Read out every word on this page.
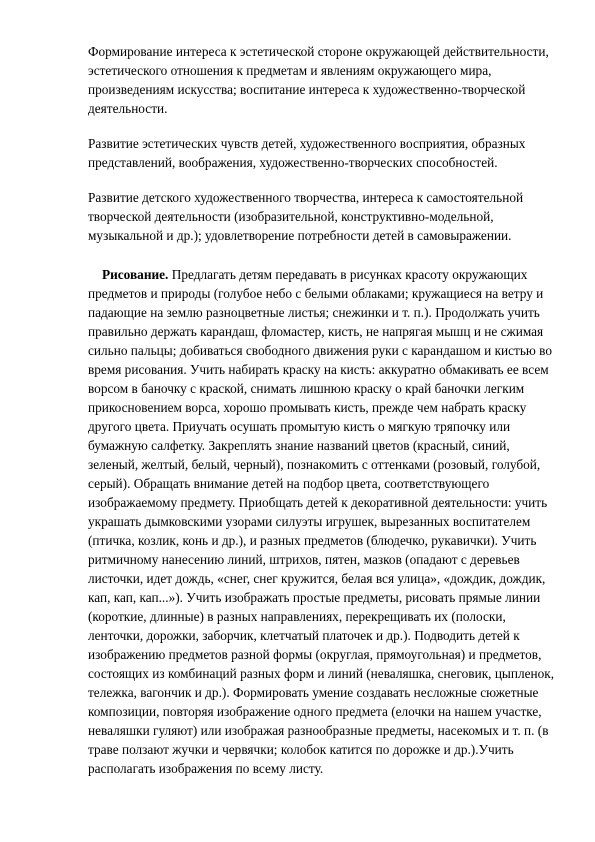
Формирование интереса к эстетической стороне окружающей действительности, эстетического отношения к предметам и явлениям окружающего мира, произведениям искусства; воспитание интереса к художественно-творческой деятельности.

Развитие эстетических чувств детей, художественного восприятия, образных представлений, воображения, художественно-творческих способностей.

Развитие детского художественного творчества, интереса к самостоятельной творческой деятельности (изобразительной, конструктивно-модельной, музыкальной и др.); удовлетворение потребности детей в самовыражении.

Рисование. Предлагать детям передавать в рисунках красоту окружающих предметов и природы (голубое небо с белыми облаками; кружащиеся на ветру и падающие на землю разноцветные листья; снежинки и т. п.). Продолжать учить правильно держать карандаш, фломастер, кисть, не напрягая мышц и не сжимая сильно пальцы; добиваться свободного движения руки с карандашом и кистью во время рисования. Учить набирать краску на кисть: аккуратно обмакивать ее всем ворсом в баночку с краской, снимать лишнюю краску о край баночки легким прикосновением ворса, хорошо промывать кисть, прежде чем набрать краску другого цвета. Приучать осушать промытую кисть о мягкую тряпочку или бумажную салфетку. Закреплять знание названий цветов (красный, синий, зеленый, желтый, белый, черный), познакомить с оттенками (розовый, голубой, серый). Обращать внимание детей на подбор цвета, соответствующего изображаемому предмету. Приобщать детей к декоративной деятельности: учить украшать дымковскими узорами силуэты игрушек, вырезанных воспитателем (птичка, козлик, конь и др.), и разных предметов (блюдечко, рукавички). Учить ритмичному нанесению линий, штрихов, пятен, мазков (опадают с деревьев листочки, идет дождь, «снег, снег кружится, белая вся улица», «дождик, дождик, кап, кап, кап...»). Учить изображать простые предметы, рисовать прямые линии (короткие, длинные) в разных направлениях, перекрещивать их (полоски, ленточки, дорожки, заборчик, клетчатый платочек и др.). Подводить детей к изображению предметов разной формы (округлая, прямоугольная) и предметов, состоящих из комбинаций разных форм и линий (неваляшка, снеговик, цыпленок, тележка, вагончик и др.). Формировать умение создавать несложные сюжетные композиции, повторяя изображение одного предмета (елочки на нашем участке, неваляшки гуляют) или изображая разнообразные предметы, насекомых и т. п. (в траве ползают жучки и червячки; колобок катится по дорожке и др.).Учить располагать изображения по всему листу.
